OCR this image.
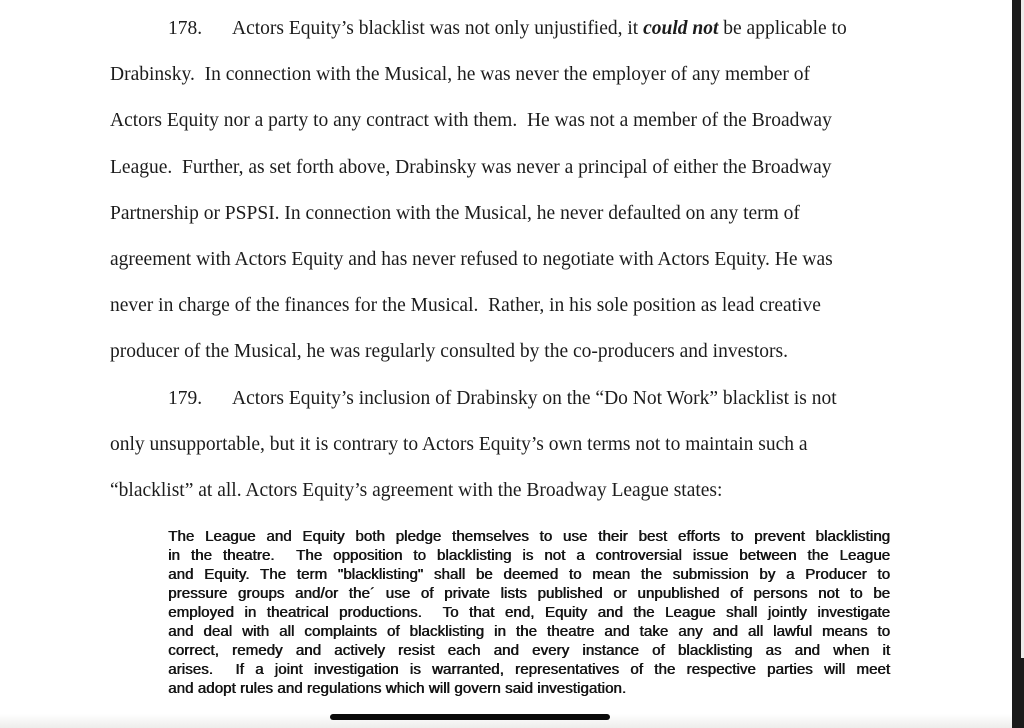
178. Actors Equity’s blacklist was not only unjustified, it could not be applicable to
Drabinsky.  In connection with the Musical, he was never the employer of any member of
Actors Equity nor a party to any contract with them.  He was not a member of the Broadway
League.  Further, as set forth above, Drabinsky was never a principal of either the Broadway
Partnership or PSPSI. In connection with the Musical, he never defaulted on any term of
agreement with Actors Equity and has never refused to negotiate with Actors Equity. He was
never in charge of the finances for the Musical.  Rather, in his sole position as lead creative
producer of the Musical, he was regularly consulted by the co-producers and investors.
179. Actors Equity’s inclusion of Drabinsky on the “Do Not Work” blacklist is not
only unsupportable, but it is contrary to Actors Equity’s own terms not to maintain such a
“blacklist” at all. Actors Equity’s agreement with the Broadway League states:
The League and Equity both pledge themselves to use their best efforts to prevent blacklisting
in the theatre.  The opposition to blacklisting is not a controversial issue between the League
and Equity. The term "blacklisting" shall be deemed to mean the submission by a Producer to
pressure groups and/or the´ use of private lists published or unpublished of persons not to be
employed in theatrical productions.  To that end, Equity and the League shall jointly investigate
and deal with all complaints of blacklisting in the theatre and take any and all lawful means to
correct, remedy and actively resist each and every instance of blacklisting as and when it
arises.  If a joint investigation is warranted, representatives of the respective parties will meet
and adopt rules and regulations which will govern said investigation.
